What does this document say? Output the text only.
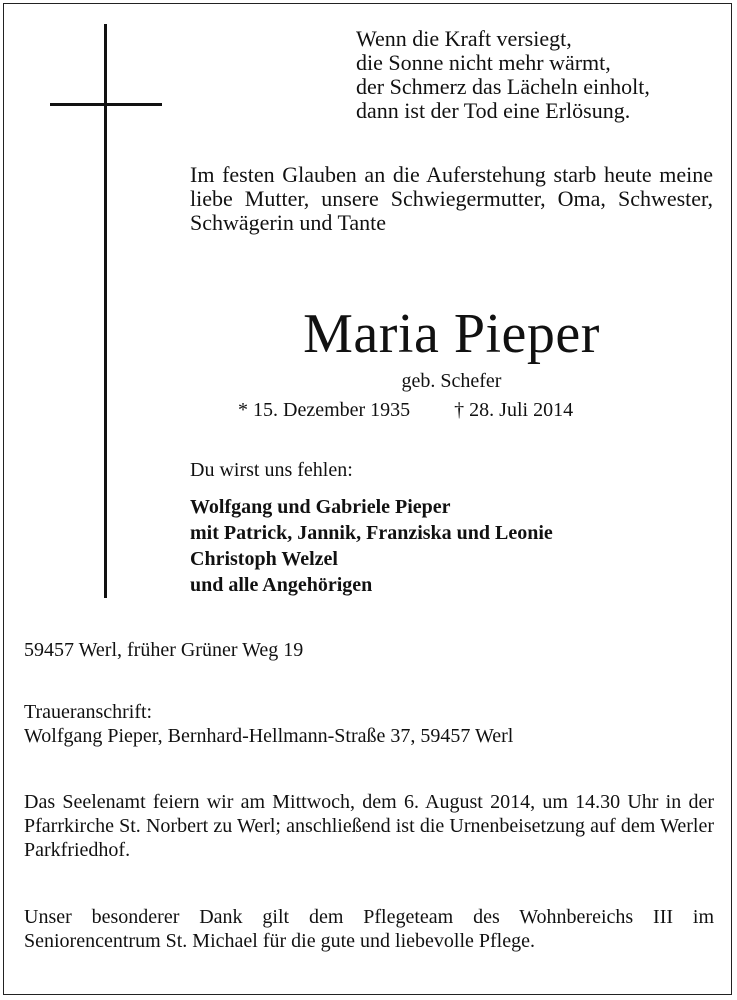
Wenn die Kraft versiegt,
die Sonne nicht mehr wärmt,
der Schmerz das Lächeln einholt,
dann ist der Tod eine Erlösung.
Im festen Glauben an die Auferstehung starb heute meine liebe Mutter, unsere Schwiegermutter, Oma, Schwester, Schwägerin und Tante
Maria Pieper
geb. Schefer
* 15. Dezember 1935 † 28. Juli 2014
Du wirst uns fehlen:
Wolfgang und Gabriele Pieper
mit Patrick, Jannik, Franziska und Leonie
Christoph Welzel
und alle Angehörigen
59457 Werl, früher Grüner Weg 19
Traueranschrift:
Wolfgang Pieper, Bernhard-Hellmann-Straße 37, 59457 Werl
Das Seelenamt feiern wir am Mittwoch, dem 6. August 2014, um 14.30 Uhr in der Pfarrkirche St. Norbert zu Werl; anschließend ist die Urnenbeisetzung auf dem Werler Parkfriedhof.
Unser besonderer Dank gilt dem Pflegeteam des Wohnbereichs III im Seniorencentrum St. Michael für die gute und liebevolle Pflege.
